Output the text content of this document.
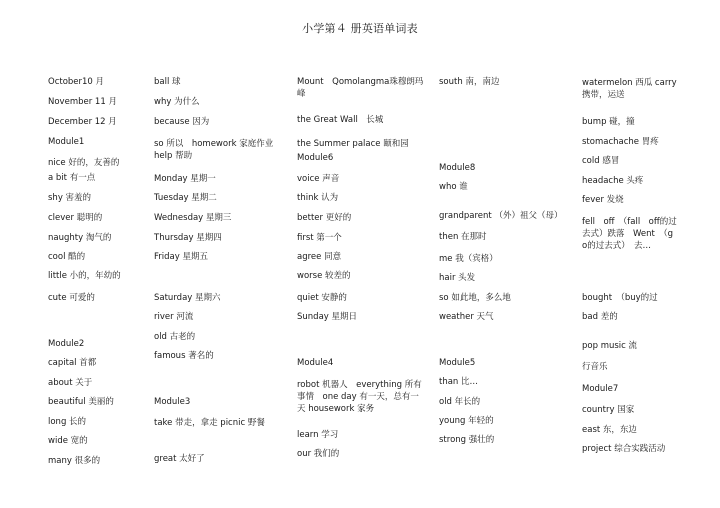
小学第４ 册英语单词表
October10 月
November 11 月
December 12 月
Module1
nice 好的，友善的
a bit 有一点
shy 害羞的
clever 聪明的
naughty 淘气的
cool 酷的
little 小的，年幼的
cute 可爱的
Module2
capital 首都
about 关于
beautiful 美丽的
long 长的
wide 宽的
many 很多的
ball 球
why 为什么
because 因为
so 所以　homework 家庭作业 help 帮助
Monday 星期一
Tuesday 星期二
Wednesday 星期三
Thursday 星期四
Friday 星期五
Saturday 星期六
river 河流
old 古老的
famous 著名的
Module3
take 带走，拿走 picnic 野餐
great 太好了
Mount　Qomolangma珠穆朗玛峰
the Great Wall　长城
the Summer palace 颐和园
Module6
voice 声音
think 认为
better 更好的
first 第一个
agree 同意
worse 较差的
quiet 安静的
Sunday 星期日
Module4
robot 机器人　everything 所有事情　one day 有一天，总有一天 housework 家务
learn 学习
our 我们的
south 南，南边
Module8
who 谁
grandparent （外）祖父（母）
then 在那时
me 我（宾格）
hair 头发
so 如此地，多么地
weather 天气
Module5
than 比…
old 年长的
young 年轻的
strong 强壮的
watermelon 西瓜 carry 携带，运送
bump 碰，撞
stomachache 胃疼
cold 感冒
headache 头疼
fever 发烧
fell　off　（fall　off的过去式）跌落　Went　（go的过去式）　去…
bought　（buy的过
bad 差的
pop music 流
行音乐
Module7
country 国家
east 东，东边
project 综合实践活动
